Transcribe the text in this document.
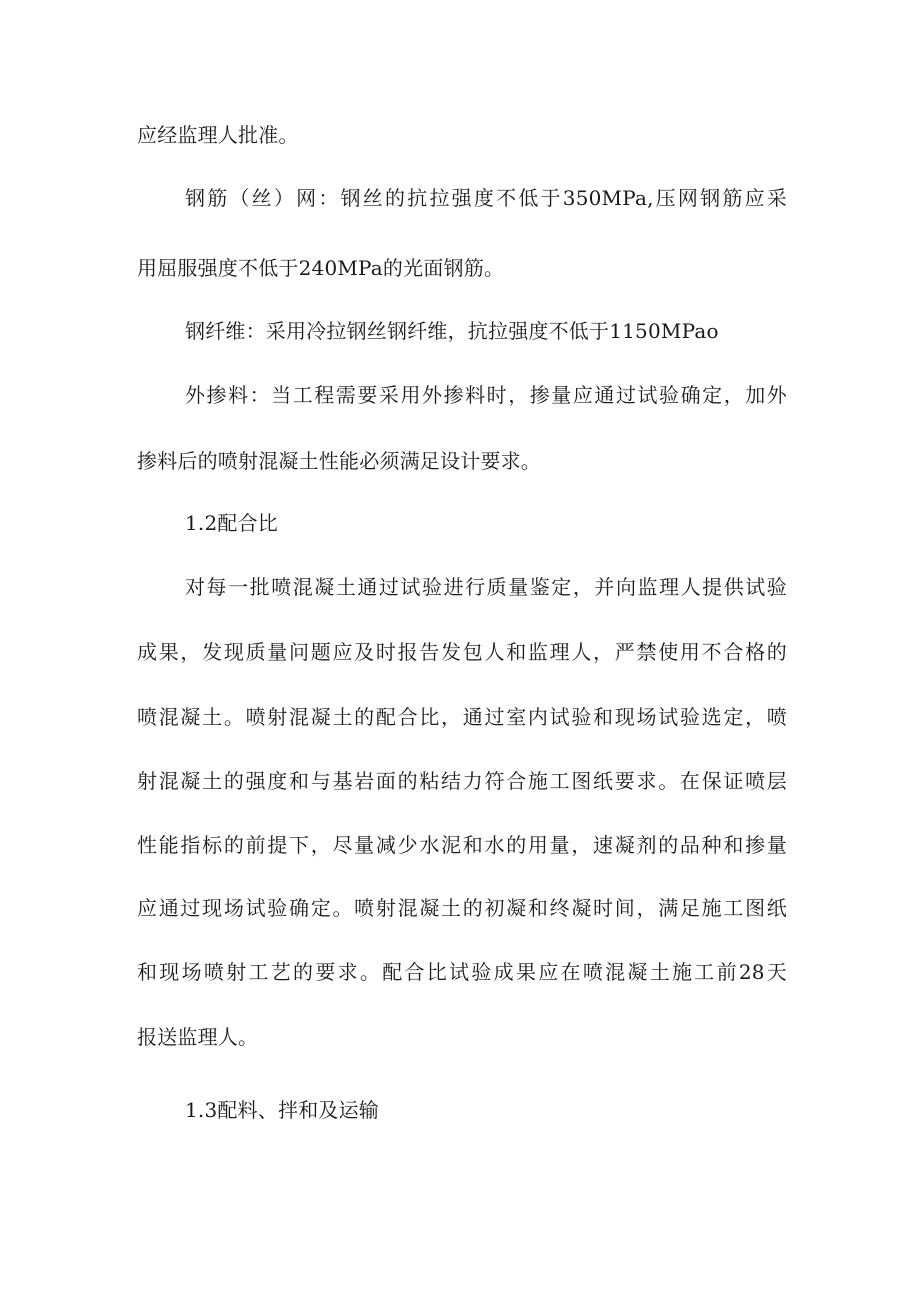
应经监理人批准。
钢筋（丝）网：钢丝的抗拉强度不低于350MPa,压网钢筋应采
用屈服强度不低于240MPa的光面钢筋。
钢纤维：采用冷拉钢丝钢纤维，抗拉强度不低于1150MPao
外掺料：当工程需要采用外掺料时，掺量应通过试验确定，加外
掺料后的喷射混凝土性能必须满足设计要求。
1.2配合比
对每一批喷混凝土通过试验进行质量鉴定，并向监理人提供试验
成果，发现质量问题应及时报告发包人和监理人，严禁使用不合格的
喷混凝土。喷射混凝土的配合比，通过室内试验和现场试验选定，喷
射混凝土的强度和与基岩面的粘结力符合施工图纸要求。在保证喷层
性能指标的前提下，尽量减少水泥和水的用量，速凝剂的品种和掺量
应通过现场试验确定。喷射混凝土的初凝和终凝时间，满足施工图纸
和现场喷射工艺的要求。配合比试验成果应在喷混凝土施工前28天
报送监理人。
1.3配料、拌和及运输
